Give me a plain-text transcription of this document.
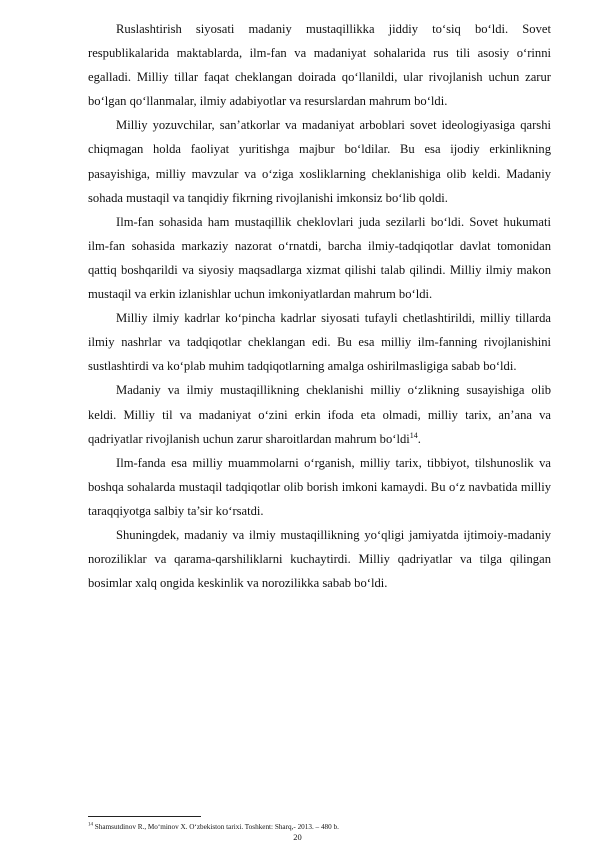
Ruslashtirish siyosati madaniy mustaqillikka jiddiy to‘siq bo‘ldi. Sovet respublikalarida maktablarda, ilm-fan va madaniyat sohalarida rus tili asosiy o‘rinni egalladi. Milliy tillar faqat cheklangan doirada qo‘llanildi, ular rivojlanish uchun zarur bo‘lgan qo‘llanmalar, ilmiy adabiyotlar va resurslardan mahrum bo‘ldi.

Milliy yozuvchilar, san’atkorlar va madaniyat arboblari sovet ideologiyasiga qarshi chiqmagan holda faoliyat yuritishga majbur bo‘ldilar. Bu esa ijodiy erkinlikning pasayishiga, milliy mavzular va o‘ziga xosliklarning cheklanishiga olib keldi. Madaniy sohada mustaqil va tanqidiy fikrning rivojlanishi imkonsiz bo‘lib qoldi.

Ilm-fan sohasida ham mustaqillik cheklovlari juda sezilarli bo‘ldi. Sovet hukumati ilm-fan sohasida markaziy nazorat o‘rnatdi, barcha ilmiy-tadqiqotlar davlat tomonidan qattiq boshqarildi va siyosiy maqsadlarga xizmat qilishi talab qilindi. Milliy ilmiy makon mustaqil va erkin izlanishlar uchun imkoniyatlardan mahrum bo‘ldi.

Milliy ilmiy kadrlar ko‘pincha kadrlar siyosati tufayli chetlashtirildi, milliy tillarda ilmiy nashrlar va tadqiqotlar cheklangan edi. Bu esa milliy ilm-fanning rivojlanishini sustlashtirdi va ko‘plab muhim tadqiqotlarning amalga oshirilmasligiga sabab bo‘ldi.

Madaniy va ilmiy mustaqillikning cheklanishi milliy o‘zlikning susayishiga olib keldi. Milliy til va madaniyat o‘zini erkin ifoda eta olmadi, milliy tarix, an’ana va qadriyatlar rivojlanish uchun zarur sharoitlardan mahrum bo‘ldi$^{14}$.

Ilm-fanda esa milliy muammolarni o‘rganish, milliy tarix, tibbiyot, tilshunoslik va boshqa sohalarda mustaqil tadqiqotlar olib borish imkoni kamaydi. Bu o‘z navbatida milliy taraqqiyotga salbiy ta’sir ko‘rsatdi.

Shuningdek, madaniy va ilmiy mustaqillikning yo‘qligi jamiyatda ijtimoiy-madaniy noroziliklar va qarama-qarshiliklarni kuchaytirdi. Milliy qadriyatlar va tilga qilingan bosimlar xalq ongida keskinlik va norozilikka sabab bo‘ldi.

$^{14}$ Shamsutdinov R., Mo‘minov X. O‘zbekiston tarixi. Toshkent: Sharq,- 2013. – 480 b.
20
